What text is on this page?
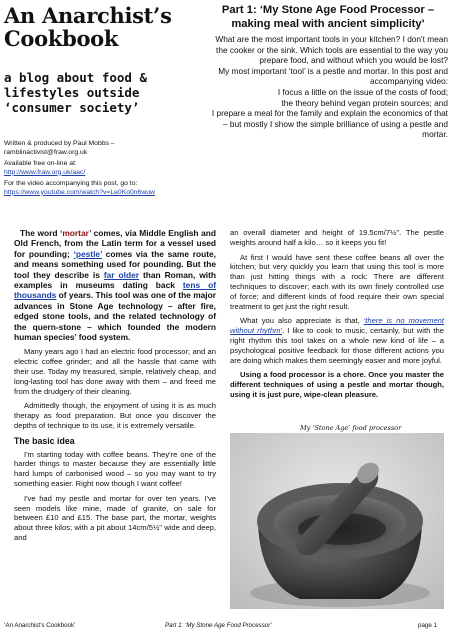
An Anarchist’s
Cookbook
a blog about food & lifestyles outside ‘consumer society’

Written & produced by Paul Mobbs –
ramblinactivist@fraw.org.uk

Available free on-line at:
http://www.fraw.org.uk/aac/

For the video accompanying this post, go to:
https://www.youtube.com/watch?v=Le0Ko0n6wuw

Part 1: ‘My Stone Age Food Processor – making meal with ancient simplicity’

What are the most important tools in your kitchen? I don't mean the cooker or the sink. Which tools are essential to the way you prepare food, and without which you would be lost?

My most important ‘tool’ is a pestle and mortar. In this post and accompanying video:

I focus a little on the issue of the costs of food;

the theory behind vegan protein sources; and

I prepare a meal for the family and explain the economics of that – but mostly I show the simple brilliance of using a pestle and mortar.

The word ‘mortar’ comes, via Middle English and Old French, from the Latin term for a vessel used for pounding; ‘pestle’ comes via the same route, and means something used for pounding. But the tool they describe is far older than Roman, with examples in museums dating back tens of thousands of years. This tool was one of the major advances in Stone Age technology – after fire, edged stone tools, and the related technology of the quern-stone – which founded the modern human species’ food system.

Many years ago I had an electric food processor; and an electric coffee grinder; and all the hassle that came with their use. Today my treasured, simple, relatively cheap, and long-lasting tool has done away with them – and freed me from the drudgery of their cleaning.

Admittedly though, the enjoyment of using it is as much therapy as food preparation. But once you discover the depths of technique to its use, it is extremely versatile.

The basic idea

I'm starting today with coffee beans. They're one of the harder things to master because they are essentially little hard lumps of carbonised wood – so you may want to try something easier. Right now though I want coffee!

I've had my pestle and mortar for over ten years. I've seen models like mine, made of granite, on sale for between £10 and £15. The base part, the mortar, weights about three kilos; with a pit about 14cm/5½" wide and deep, and

an overall diameter and height of 19.5cm/7½". The pestle weights around half a kilo… so it keeps you fit!

At first I would have sent these coffee beans all over the kitchen; but very quickly you learn that using this tool is more than just hitting things with a rock: There are different techniques to discover; each with its own finely controlled use of force; and different kinds of food require their own special treatment to get just the right result.

What you also appreciate is that, ‘there is no movement without rhythm’. I like to cook to music, certainly, but with the right rhythm this tool takes on a whole new kind of life – a psychological positive feedback for those different actions you are doing which makes them seemingly easier and more joyful.

Using a food processor is a chore. Once you master the different techniques of using a pestle and mortar though, using it is just pure, wipe-clean pleasure.

My ‘Stone Age’ food processor
‘An Anarchist’s Cookbook’	Part 1: ‘My Stone Age Food Processor’	page 1
